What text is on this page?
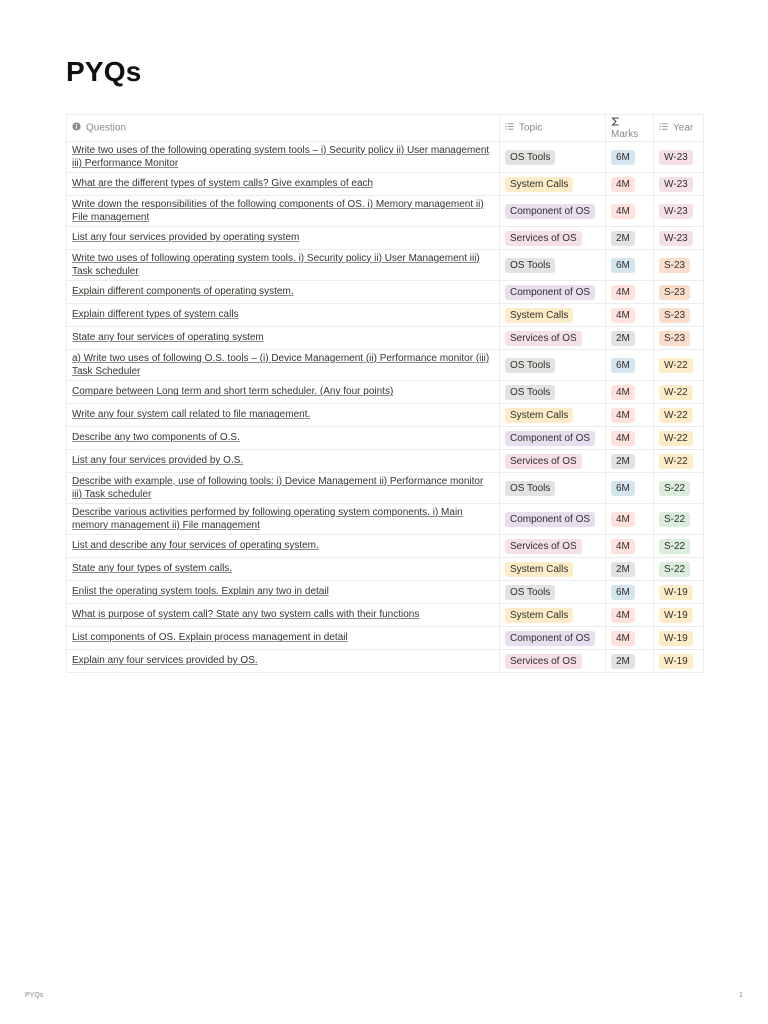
PYQs
Question	Topic	Marks	Year
Write two uses of the following operating system tools – i) Security policy ii) User management iii) Performance Monitor	OS Tools	6M	W-23
What are the different types of system calls? Give examples of each	System Calls	4M	W-23
Write down the responsibilities of the following components of OS. i) Memory management ii) File management	Component of OS	4M	W-23
List any four services provided by operating system	Services of OS	2M	W-23
Write two uses of following operating system tools. i) Security policy ii) User Management iii) Task scheduler	OS Tools	6M	S-23
Explain different components of operating system.	Component of OS	4M	S-23
Explain different types of system calls	System Calls	4M	S-23
State any four services of operating system	Services of OS	2M	S-23
a) Write two uses of following O.S. tools – (i) Device Management (ii) Performance monitor (iii) Task Scheduler	OS Tools	6M	W-22
Compare between Long term and short term scheduler. (Any four points)	OS Tools	4M	W-22
Write any four system call related to file management.	System Calls	4M	W-22
Describe any two components of O.S.	Component of OS	4M	W-22
List any four services provided by O.S.	Services of OS	2M	W-22
Describe with example, use of following tools: i) Device Management ii) Performance monitor iii) Task scheduler	OS Tools	6M	S-22
Describe various activities performed by following operating system components. i) Main memory management ii) File management	Component of OS	4M	S-22
List and describe any four services of operating system.	Services of OS	4M	S-22
State any four types of system calls.	System Calls	2M	S-22
Enlist the operating system tools. Explain any two in detail	OS Tools	6M	W-19
What is purpose of system call? State any two system calls with their functions	System Calls	4M	W-19
List components of OS. Explain process management in detail	Component of OS	4M	W-19
Explain any four services provided by OS.	Services of OS	2M	W-19
PYQs	1
